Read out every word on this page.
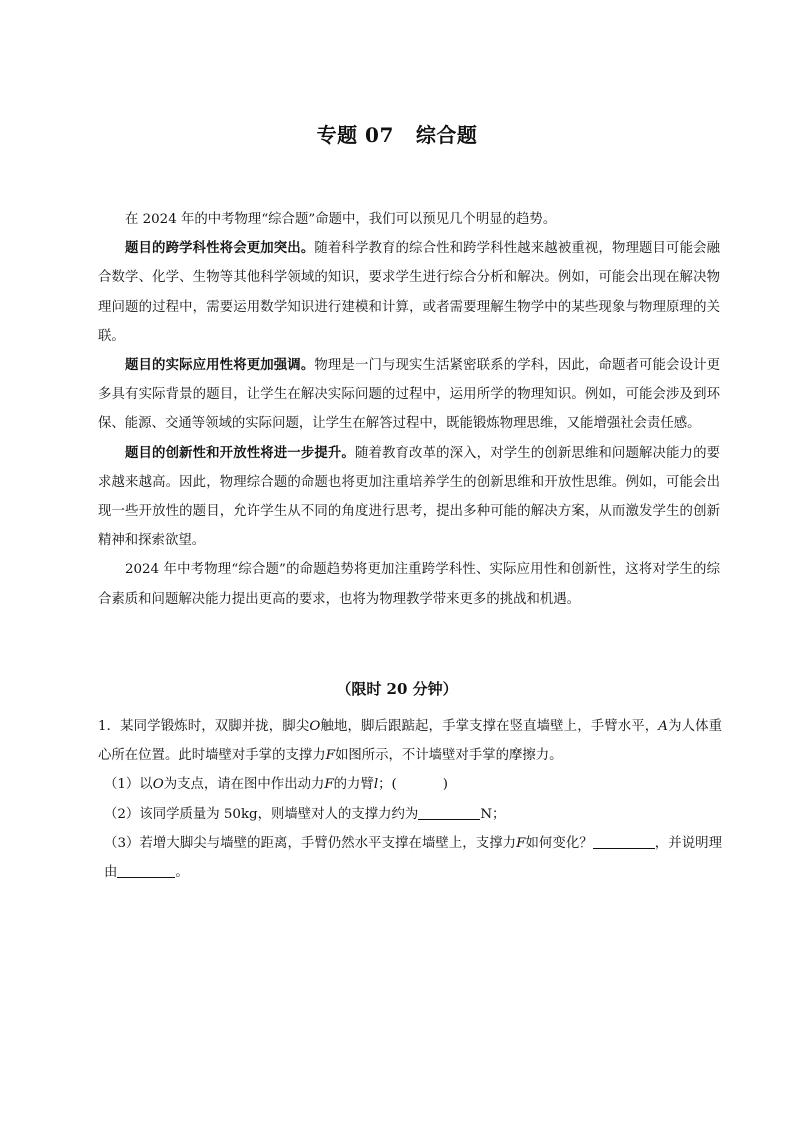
专题 07 综合题

在 2024 年的中考物理“综合题”命题中，我们可以预见几个明显的趋势。

题目的跨学科性将会更加突出。随着科学教育的综合性和跨学科性越来越被重视，物理题目可能会融合数学、化学、生物等其他科学领域的知识，要求学生进行综合分析和解决。例如，可能会出现在解决物理问题的过程中，需要运用数学知识进行建模和计算，或者需要理解生物学中的某些现象与物理原理的关联。

题目的实际应用性将更加强调。物理是一门与现实生活紧密联系的学科，因此，命题者可能会设计更多具有实际背景的题目，让学生在解决实际问题的过程中，运用所学的物理知识。例如，可能会涉及到环保、能源、交通等领域的实际问题，让学生在解答过程中，既能锻炼物理思维，又能增强社会责任感。

题目的创新性和开放性将进一步提升。随着教育改革的深入，对学生的创新思维和问题解决能力的要求越来越高。因此，物理综合题的命题也将更加注重培养学生的创新思维和开放性思维。例如，可能会出现一些开放性的题目，允许学生从不同的角度进行思考，提出多种可能的解决方案，从而激发学生的创新精神和探索欲望。

2024 年中考物理“综合题”的命题趋势将更加注重跨学科性、实际应用性和创新性，这将对学生的综合素质和问题解决能力提出更高的要求，也将为物理教学带来更多的挑战和机遇。

（限时 20 分钟）

1．某同学锻炼时，双脚并拢，脚尖O触地，脚后跟踮起，手掌支撑在竖直墙壁上，手臂水平，A为人体重心所在位置。此时墙壁对手掌的支撑力F如图所示，不计墙壁对手掌的摩擦力。

（1）以O为支点，请在图中作出动力F的力臂l；(	)

（2）该同学质量为 50kg，则墙壁对人的支撑力约为	N；

（3）若增大脚尖与墙壁的距离，手臂仍然水平支撑在墙壁上，支撑力F如何变化？	，并说明理由	。
